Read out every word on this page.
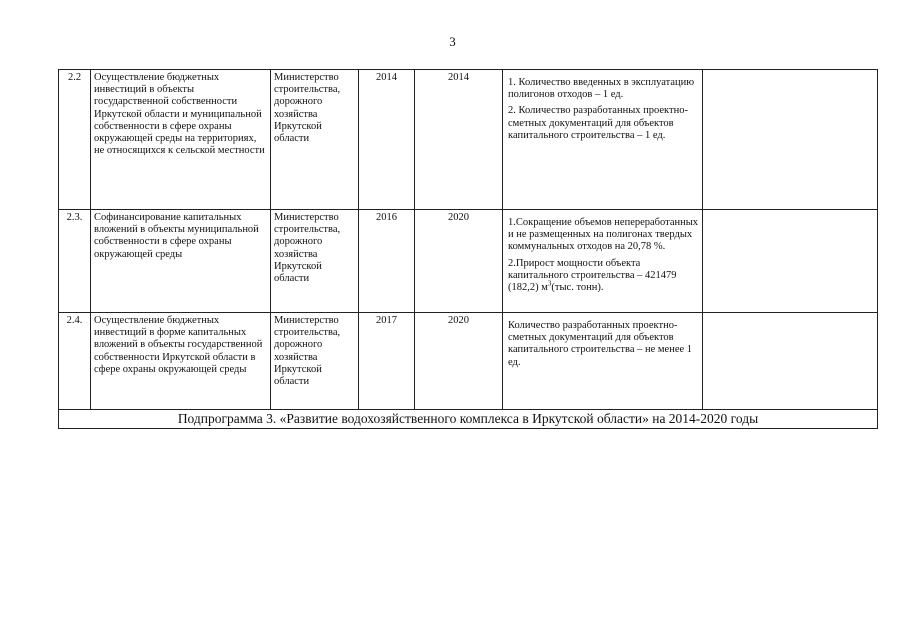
3
2.2	Осуществление бюджетных инвестиций в объекты государственной собственности Иркутской области и муниципальной собственности в сфере охраны окружающей среды на территориях, не относящихся к сельской местности	Министерство строительства, дорожного хозяйства Иркутской области	2014	2014	1. Количество введенных в эксплуатацию полигонов отходов – 1 ед.

2. Количество разработанных проектно-сметных документаций для объектов капитального строительства – 1 ед.	

2.3.	Софинансирование капитальных вложений в объекты муниципальной собственности в сфере охраны окружающей среды	Министерство строительства, дорожного хозяйства Иркутской области	2016	2020	1.Сокращение объемов непереработанных и не размещенных на полигонах твердых коммунальных отходов на 20,78 %.

2.Прирост мощности объекта капитального строительства – 421479 (182,2) $м^3(тыс$. тонн).	

2.4.	Осуществление бюджетных инвестиций в форме капитальных вложений в объекты государственной собственности Иркутской области в сфере охраны окружающей среды	Министерство строительства, дорожного хозяйства Иркутской области	2017	2020	Количество разработанных проектно-сметных документаций для объектов капитального строительства – не менее 1 ед.	

Подпрограмма 3. «Развитие водохозяйственного комплекса в Иркутской области» на 2014-2020 годы						
